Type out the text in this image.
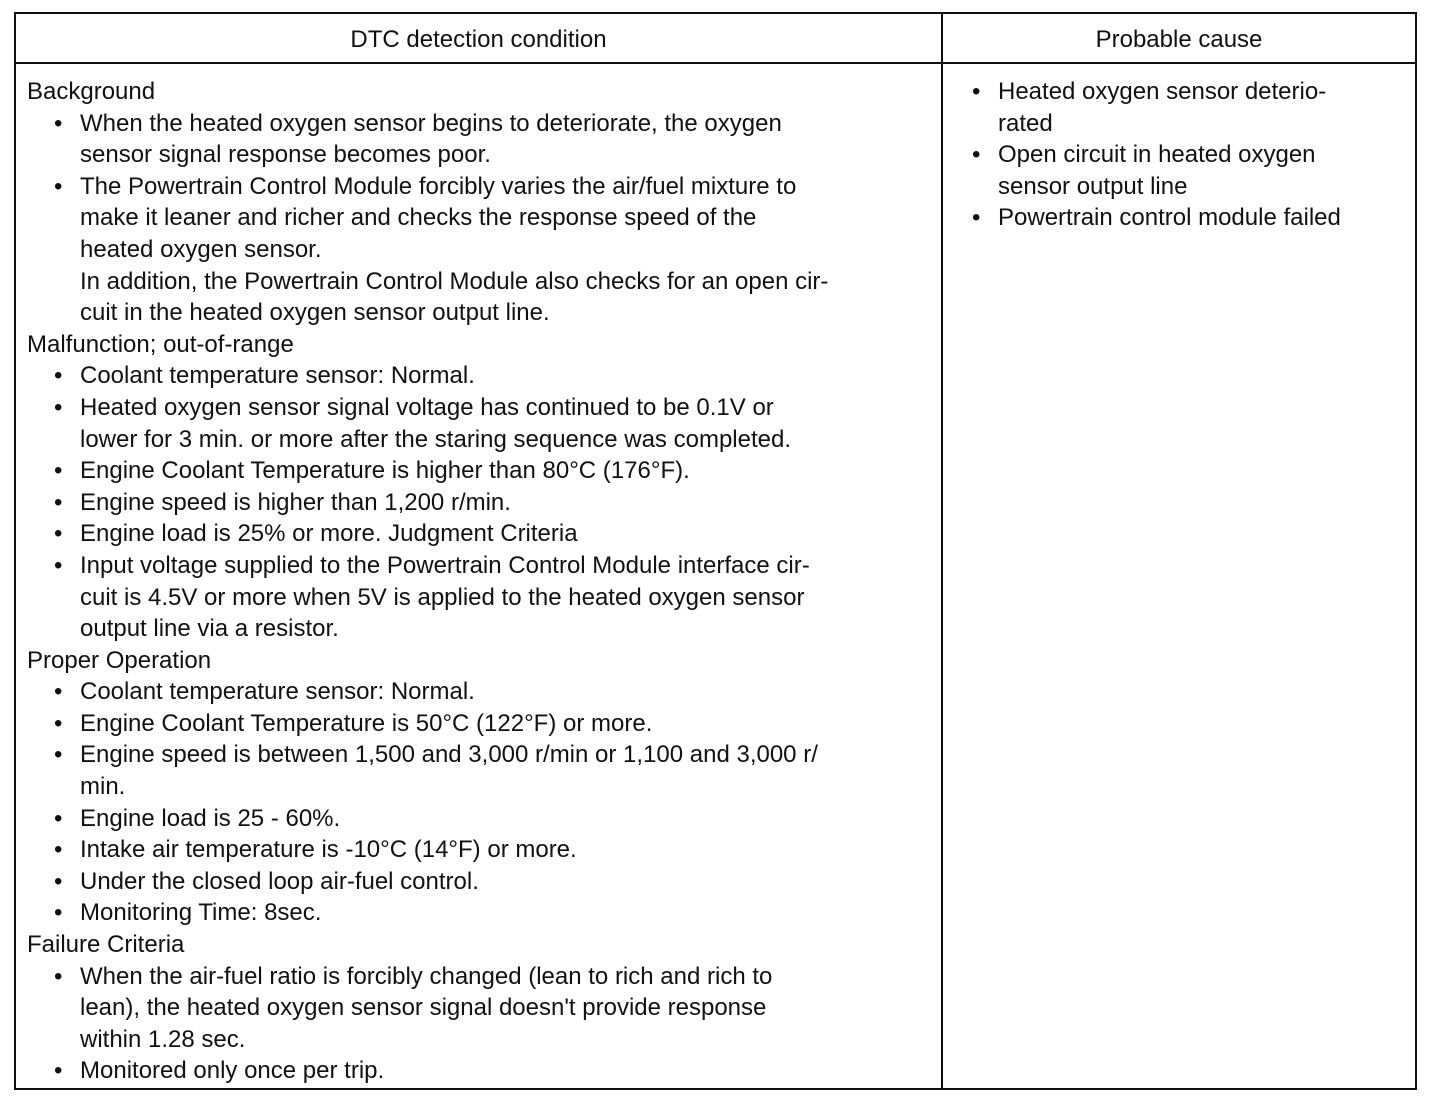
DTC detection condition	Probable cause
Background
• When the heated oxygen sensor begins to deteriorate, the oxygen
sensor signal response becomes poor.
• The Powertrain Control Module forcibly varies the air/fuel mixture to
make it leaner and richer and checks the response speed of the
heated oxygen sensor.
In addition, the Powertrain Control Module also checks for an open cir-
cuit in the heated oxygen sensor output line.
Malfunction; out-of-range
• Coolant temperature sensor: Normal.
• Heated oxygen sensor signal voltage has continued to be 0.1V or
lower for 3 min. or more after the staring sequence was completed.
• Engine Coolant Temperature is higher than 80°C (176°F).
• Engine speed is higher than 1,200 r/min.
• Engine load is 25% or more. Judgment Criteria
• Input voltage supplied to the Powertrain Control Module interface cir-
cuit is 4.5V or more when 5V is applied to the heated oxygen sensor
output line via a resistor.
Proper Operation
• Coolant temperature sensor: Normal.
• Engine Coolant Temperature is 50°C (122°F) or more.
• Engine speed is between 1,500 and 3,000 r/min or 1,100 and 3,000 r/
min.
• Engine load is 25 - 60%.
• Intake air temperature is -10°C (14°F) or more.
• Under the closed loop air-fuel control.
• Monitoring Time: 8sec.
Failure Criteria
• When the air-fuel ratio is forcibly changed (lean to rich and rich to
lean), the heated oxygen sensor signal doesn't provide response
within 1.28 sec.
• Monitored only once per trip.
• Heated oxygen sensor deterio-
rated
• Open circuit in heated oxygen
sensor output line
• Powertrain control module failed
